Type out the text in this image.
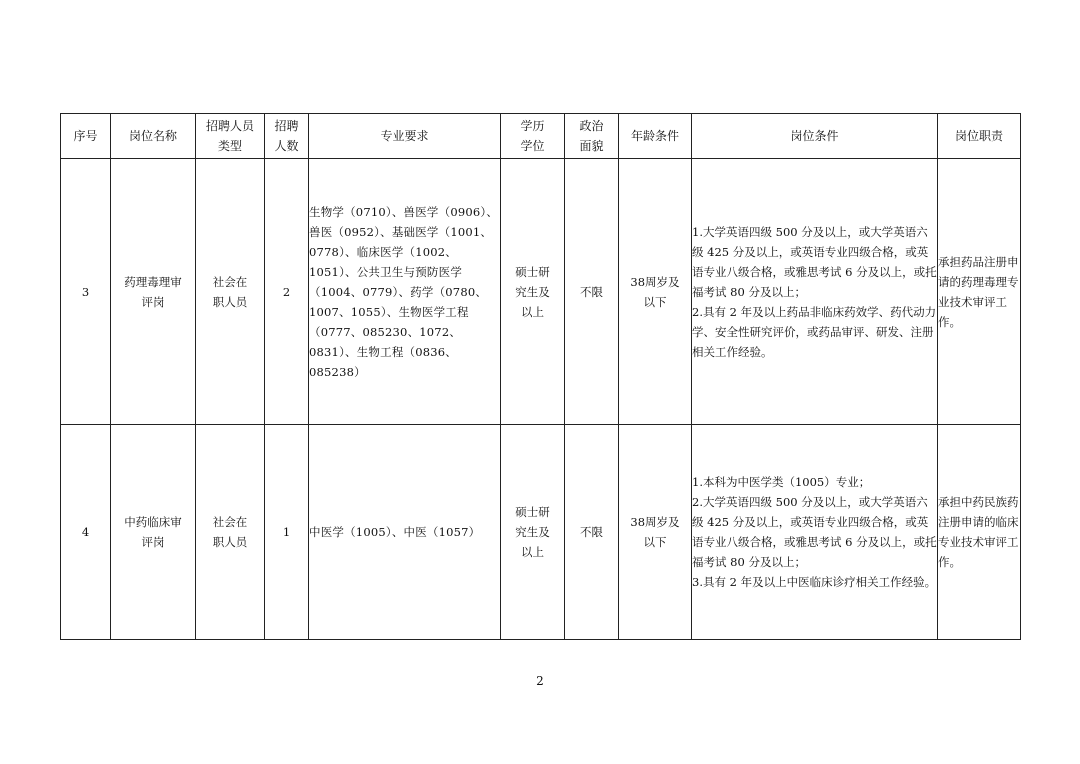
序号	岗位名称	招聘人员类型	招聘人数	专业要求	学历学位	政治面貌	年龄条件	岗位条件	岗位职责
3	药理毒理审评岗	社会在职人员	2	生物学（0710）、兽医学（0906）、兽医（0952）、基础医学（1001、0778）、临床医学（1002、1051）、公共卫生与预防医学（1004、0779）、药学（0780、1007、1055）、生物医学工程（0777、085230、1072、0831）、生物工程（0836、085238）	硕士研究生及以上	不限	38周岁及以下	1.大学英语四级 500 分及以上，或大学英语六级 425 分及以上，或英语专业四级合格，或英语专业八级合格，或雅思考试 6 分及以上，或托福考试 80 分及以上；
2.具有 2 年及以上药品非临床药效学、药代动力学、安全性研究评价，或药品审评、研发、注册相关工作经验。	承担药品注册申请的药理毒理专业技术审评工作。
4	中药临床审评岗	社会在职人员	1	中医学（1005）、中医（1057）	硕士研究生及以上	不限	38周岁及以下	1.本科为中医学类（1005）专业；
2.大学英语四级 500 分及以上，或大学英语六级 425 分及以上，或英语专业四级合格，或英语专业八级合格，或雅思考试 6 分及以上，或托福考试 80 分及以上；
3.具有 2 年及以上中医临床诊疗相关工作经验。	承担中药民族药注册申请的临床专业技术审评工作。
2
